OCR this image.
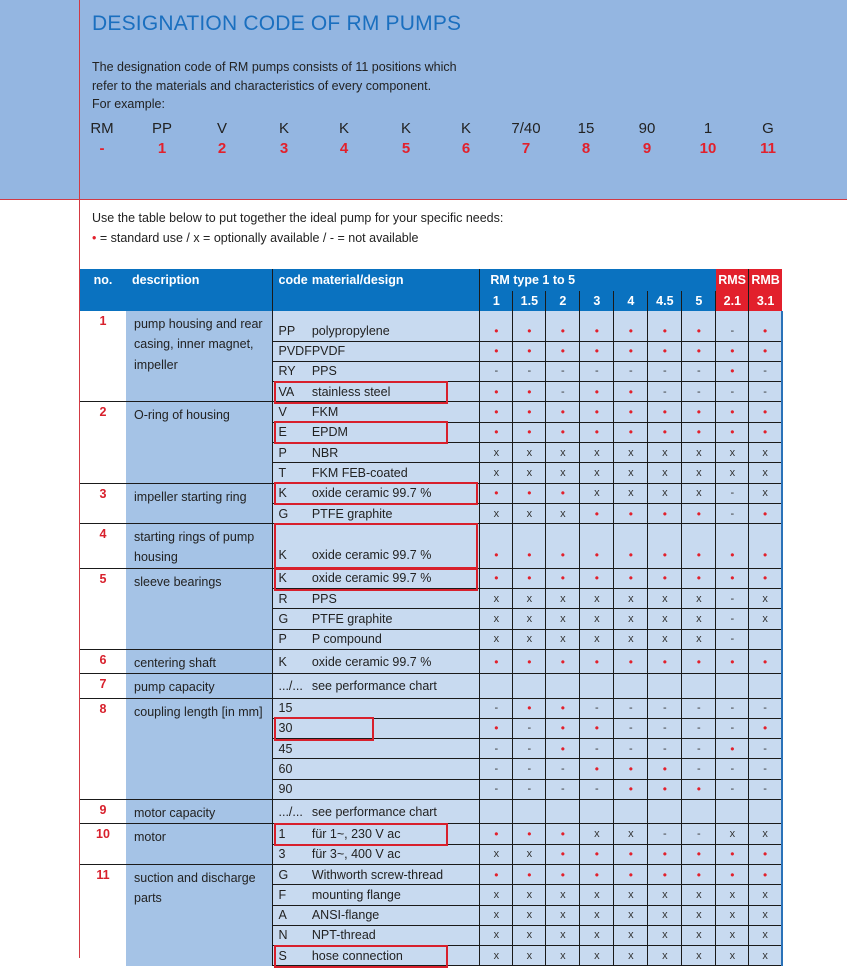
DESIGNATION CODE OF RM PUMPS
The designation code of RM pumps consists of 11 positions which
refer to the materials and characteristics of every component.
For example:
RM	PP	V	K	K	K	K	7/40	15	90	1	G
-	1	2	3	4	5	6	7	8	9	10	11
Use the table below to put together the ideal pump for your specific needs:
• = standard use / x = optionally available / - = not available
no.	description	code	material/design	RM type 1 to 5							RMS	RMB
				1	1.5	2	3	4	4.5	5	2.1	3.1
1	pump housing and rear casing, inner magnet, impeller	PP	polypropylene	•	•	•	•	•	•	•	-	•
		PVDF	PVDF	•	•	•	•	•	•	•	•	•
		RY	PPS	-	-	-	-	-	-	-	•	-
		VA	stainless steel	•	•	-	•	•	-	-	-	-
2	O-ring of housing	V	FKM	•	•	•	•	•	•	•	•	•
		E	EPDM	•	•	•	•	•	•	•	•	•
		P	NBR	x	x	x	x	x	x	x	x	x
		T	FKM FEB-coated	x	x	x	x	x	x	x	x	x
3	impeller starting ring	K	oxide ceramic 99.7 %	•	•	•	x	x	x	x	-	x
		G	PTFE graphite	x	x	x	•	•	•	•	-	•
4	starting rings of pump housing	K	oxide ceramic 99.7 %	•	•	•	•	•	•	•	•	•
5	sleeve bearings	K	oxide ceramic 99.7 %	•	•	•	•	•	•	•	•	•
		R	PPS	x	x	x	x	x	x	x	-	x
		G	PTFE graphite	x	x	x	x	x	x	x	-	x
		P	P compound	x	x	x	x	x	x	x	-	
6	centering shaft	K	oxide ceramic 99.7 %	•	•	•	•	•	•	•	•	•
7	pump capacity	.../...	see performance chart									
8	coupling length [in mm]	15		-	•	•	-	-	-	-	-	-
		30		•	-	•	•	-	-	-	-	•
		45		-	-	•	-	-	-	-	•	-
		60		-	-	-	•	•	•	-	-	-
		90		-	-	-	-	•	•	•	-	-
9	motor capacity	.../...	see performance chart									
10	motor	1	für 1~, 230 V ac	•	•	•	x	x	-	-	x	x
		3	für 3~, 400 V ac	x	x	•	•	•	•	•	•	•
11	suction and discharge parts	G	Withworth screw-thread	•	•	•	•	•	•	•	•	•
		F	mounting flange	x	x	x	x	x	x	x	x	x
		A	ANSI-flange	x	x	x	x	x	x	x	x	x
		N	NPT-thread	x	x	x	x	x	x	x	x	x
		S	hose connection	x	x	x	x	x	x	x	x	x
